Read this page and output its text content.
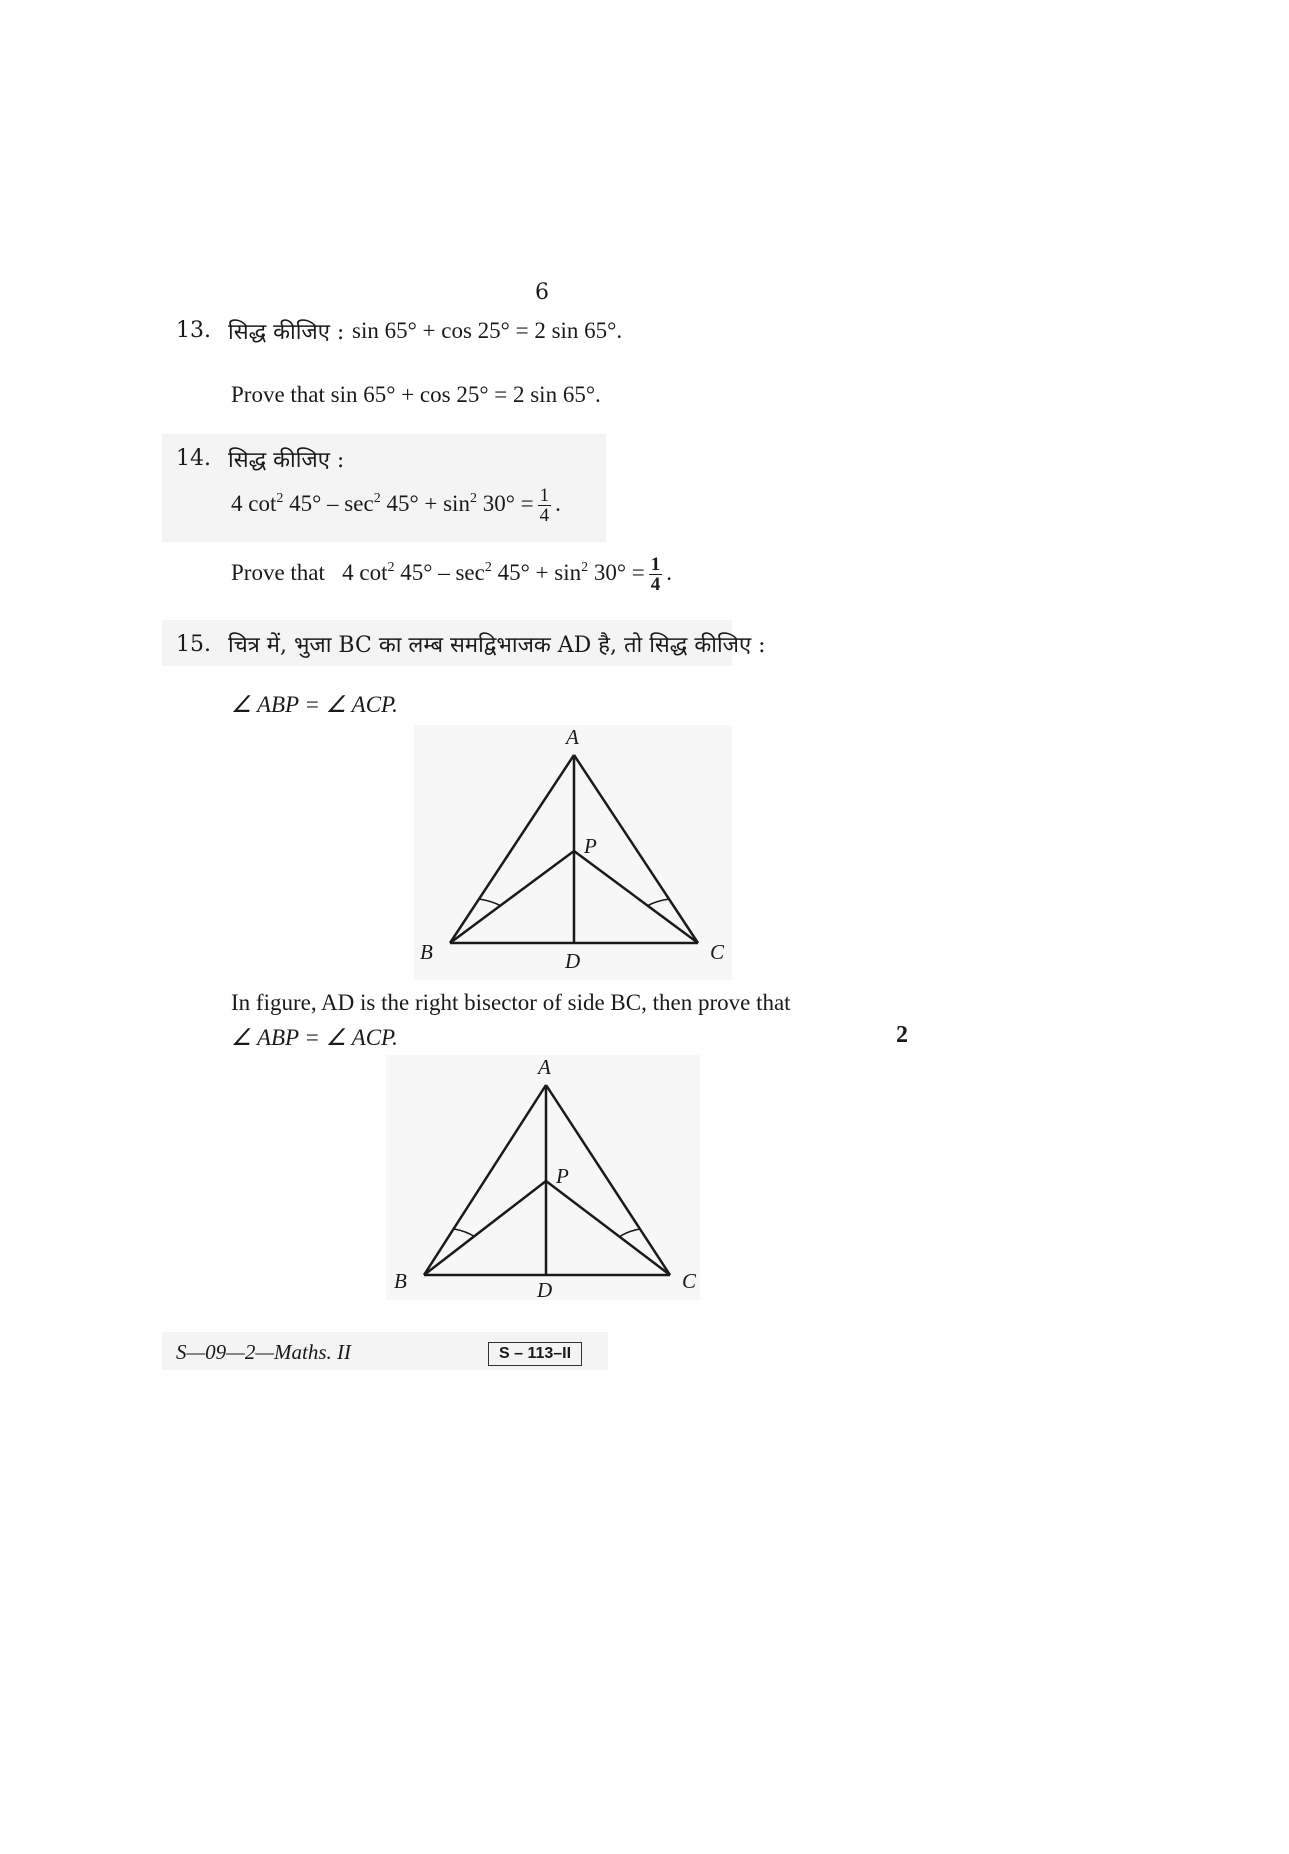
6
13. सिद्ध कीजिए : sin 65° + cos 25° = 2 sin 65°.
Prove that sin 65° + cos 25° = 2 sin 65°.
14. सिद्ध कीजिए :
4 $\cot^2 45^\circ - \sec^2 45^\circ + \sin^2 30^\circ = \frac{1}{4}$ .
Prove that 4 $\cot^2 45^\circ - \sec^2 45^\circ + \sin^2 30^\circ = \frac{1}{4}$ .
15. चित्र में, भुजा BC का लम्ब समद्विभाजक AD है, तो सिद्ध कीजिए :
∠ ABP = ∠ ACP.
A
P
B	C
D
In figure, AD is the right bisector of side BC, then prove that
∠ ABP = ∠ ACP.	2
A
P
B	C
D
S—09—2—Maths. II	S – 113–II
